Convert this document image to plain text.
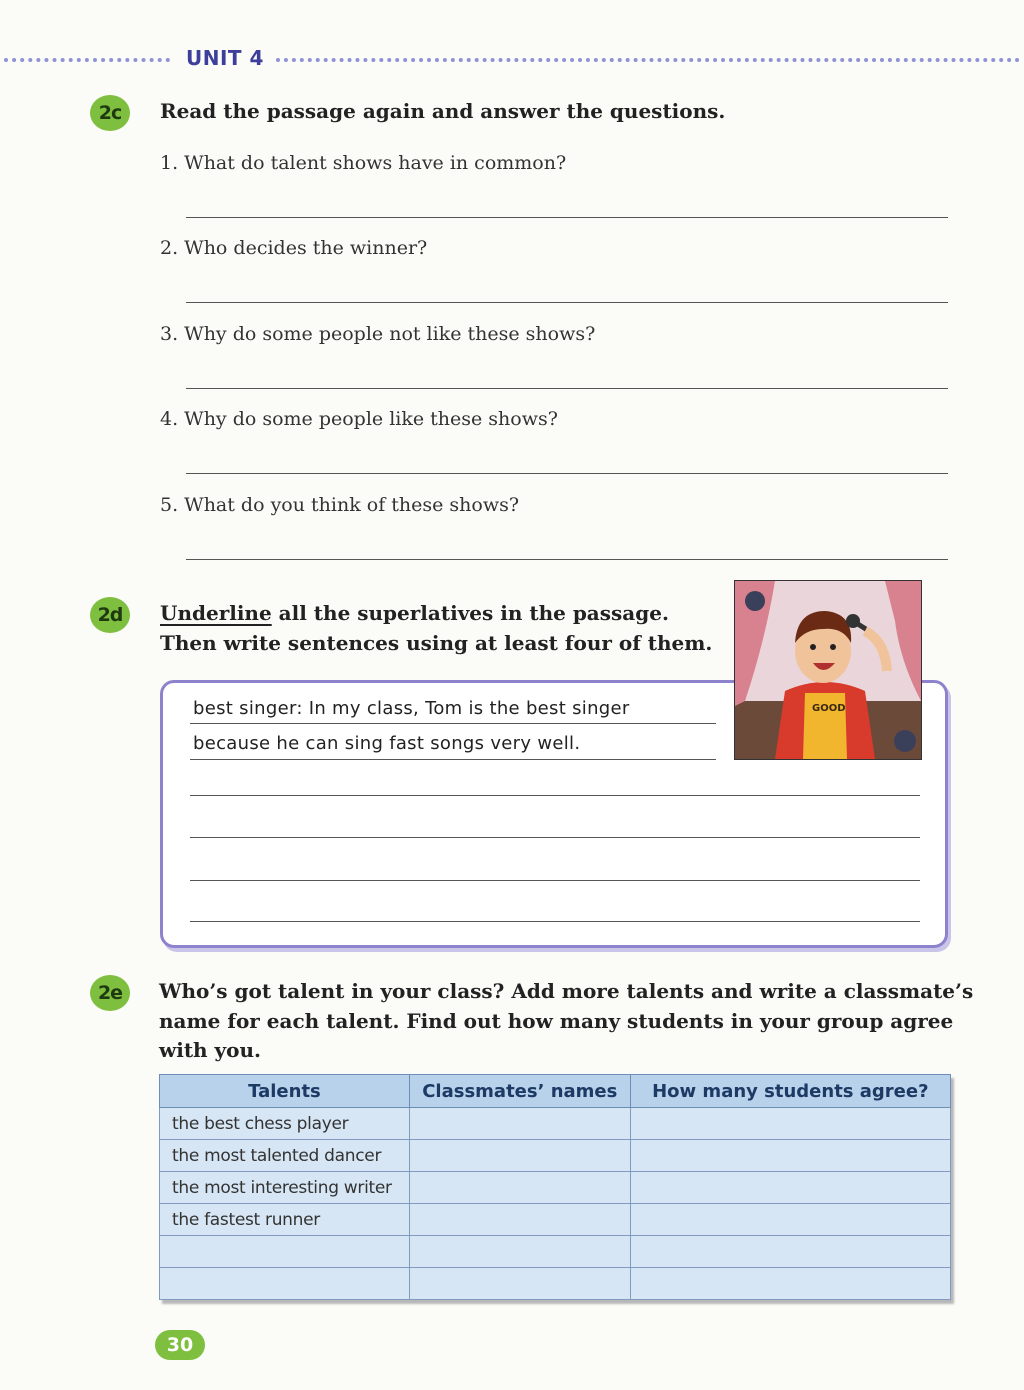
UNIT 4
2c	Read the passage again and answer the questions.
1. What do talent shows have in common?
2. Who decides the winner?
3. Why do some people not like these shows?
4. Why do some people like these shows?
5. What do you think of these shows?
2d	Underline all the superlatives in the passage.
Then write sentences using at least four of them.
best singer: In my class, Tom is the best singer
because he can sing fast songs very well.
GOOD
2e	Who’s got talent in your class? Add more talents and write a classmate’s
name for each talent. Find out how many students in your group agree
with you.
Talents	Classmates’ names	How many students agree?
the best chess player		
the most talented dancer		
the most interesting writer		
the fastest runner		

30
